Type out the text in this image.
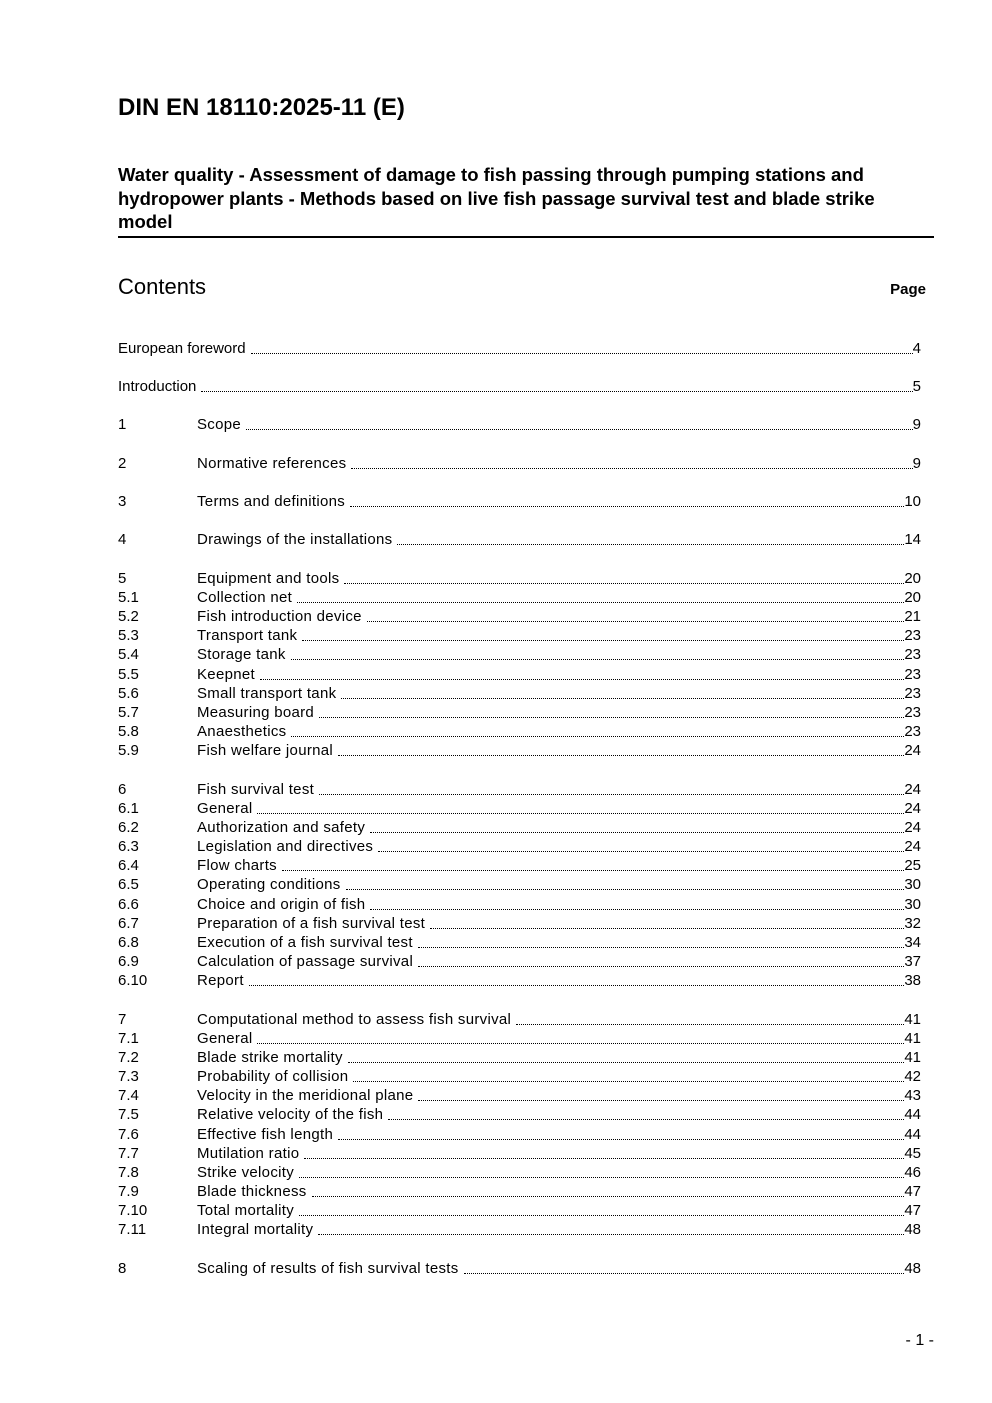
DIN EN 18110:2025-11 (E)
Water quality - Assessment of damage to fish passing through pumping stations and hydropower plants - Methods based on live fish passage survival test and blade strike model
Contents	Page
European foreword	4
Introduction	5
1	Scope	9
2	Normative references	9
3	Terms and definitions	10
4	Drawings of the installations	14
5	Equipment and tools	20
5.1	Collection net	20
5.2	Fish introduction device	21
5.3	Transport tank	23
5.4	Storage tank	23
5.5	Keepnet	23
5.6	Small transport tank	23
5.7	Measuring board	23
5.8	Anaesthetics	23
5.9	Fish welfare journal	24
6	Fish survival test	24
6.1	General	24
6.2	Authorization and safety	24
6.3	Legislation and directives	24
6.4	Flow charts	25
6.5	Operating conditions	30
6.6	Choice and origin of fish	30
6.7	Preparation of a fish survival test	32
6.8	Execution of a fish survival test	34
6.9	Calculation of passage survival	37
6.10	Report	38
7	Computational method to assess fish survival	41
7.1	General	41
7.2	Blade strike mortality	41
7.3	Probability of collision	42
7.4	Velocity in the meridional plane	43
7.5	Relative velocity of the fish	44
7.6	Effective fish length	44
7.7	Mutilation ratio	45
7.8	Strike velocity	46
7.9	Blade thickness	47
7.10	Total mortality	47
7.11	Integral mortality	48
8	Scaling of results of fish survival tests	48
- 1 -
